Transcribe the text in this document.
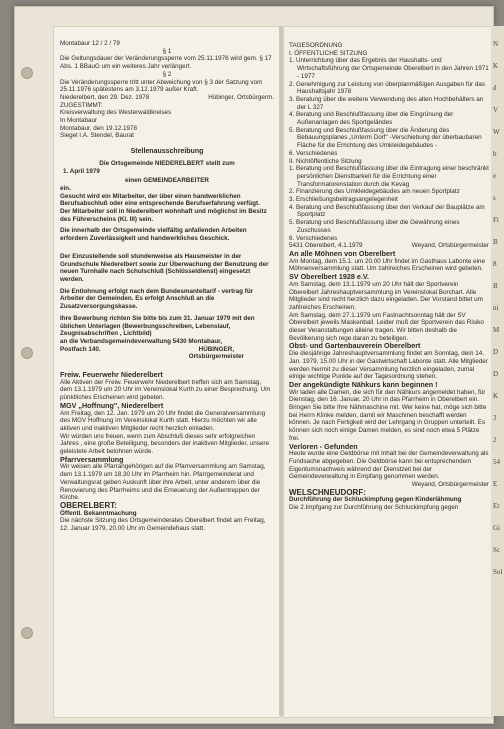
Montabaur 12 / 2 / 79

§ 1

Die Geltungsdauer der Veränderungssperre vom 25.11.1976 wird gem. § 17 Abs. 1 BBauG um ein weiteres Jahr verlängert.

§ 2

Die Veränderungssperre tritt unter Abweichung von § 3 der Satzung vom 25.11.1976 spätestens am 3.12.1979 außer Kraft.

Niederelbert, den 29. Dez. 1978	Hübinger, Ortsbürgerm.

ZUGESTIMMT:

Kreisverwaltung des Westerwaldkreises

In Montabaur

Montabaur, den 19.12.1978

Siegel I.A. Stendel, Baurat

Stellenausschreibung

Die Ortsgemeinde NIEDERELBERT stellt zum

1. April 1979

einen GEMEINDEARBEITER

ein.

Gesucht wird ein Mitarbeiter, der über einen handwerklichen Berufsabschluß oder eine entsprechende Berufserfahrung verfügt.

Der Mitarbeiter soll in Niederelbert wohnhaft und möglichst im Besitz des Führerscheins (Kl. III) sein.

Die innerhalb der Ortsgemeinde vielfältig anfallenden Arbeiten erfordern Zuverlässigkeit und handwerkliches Geschick.

Der Einzustellende soll stundenweise als Hausmeister in der Grundschule Niederelbert sowie zur Überwachung der Benutzung der neuen Turnhalle nach Schulschluß (Schlüsseldienst) eingesetzt werden.

Die Entlohnung erfolgt nach dem Bundesmanteltarif - vertrag für Arbeiter der Gemeinden. Es erfolgt Anschluß an die Zusatzversorgungskasse.

Ihre Bewerbung richten Sie bitte bis zum 31. Januar 1979 mit den üblichen Unterlagen (Bewerbungsschreiben, Lebenslauf, Zeugnisabschriften , Lichtbild)

an die Verbandsgemeindeverwaltung 5430 Montabaur,

Postfach 140.	HÜBINGER,

Ortsbürgermeister

Freiw. Feuerwehr Niederelbert

Alle Aktiven der Freiw. Feuerwehr Niederelbert treffen sich am Samstag, dem 13.1.1979 um 20 Uhr im Vereinslokal Kurth zu einer Besprechung. Um pünktliches Erscheinen wird gebeten.

MGV „Hoffnung", Niederelbert

Am Freitag, den 12. Jan. 1979 um 20 Uhr findet die Generalversammlung des MGV Hoffnung im Vereinslokal Kurth statt. Hierzu möchten wir alle aktiven und inaktiven Mitglieder recht herzlich einladen.
Wir würden uns freuen, wenn zum Abschluß dieses sehr erfolgreichen Jahres , eine große Beteiligung, besonders der inaktiven Mitglieder, unsere geleistete Arbeit belohnen würde.

Pfarrversammlung

Wir weisen alle Pfarrangehörigen auf die Pfarrversammlung am Samstag, dem 13.1.1979 um 18.30 Uhr im Pfarrheim hin. Pfarrgemeinderat und Verwaltungsrat geben Auskunft über ihre Arbeit, unter anderem über die Renovierung des Pfarrheims und die Erneuerung der Außentreppen der Kirche.

OBERELBERT:

Öffentl. Bekanntmachung

Die nächste Sitzung des Ortsgemeinderates Oberelbert findet am Freitag, 12. Januar 1979, 20.00 Uhr im Gemeindehaus statt.

TAGESORDNUNG

I. ÖFFENTLICHE SITZUNG

1. Unterrichtung über das Ergebnis der Haushalts- und Wirtschaftsführung der Ortsgemeinde Oberelbert in den Jahren 1971 - 1977

2. Genehmigung zur Leistung von überplanmäßigen Ausgaben für das Haushaltsjahr 1978

3. Beratung über die weitere Verwendung des alten Hochbehälters an der L 327

4. Beratung und Beschlußfassung über die Eingrünung der Außenanlagen des Sportgeländes

5. Beratung und Beschlußfassung über die Änderung des Bebauungsplanes „Unterm Dorf" -Verschiebung der überbaubaren Fläche für die Errichtung des Umkleidegebäudes -

6. Verschiedenes

II. Nichtöffentliche Sitzung

1. Beratung und Beschlußfassung über die Eintragung einer beschränkt persönlichen Dienstbarkeit für die Errichtung einer Transformatorenstation durch die Kevag

2. Finanzierung des Umkleidegebäudes am neuen Sportplatz

3. Erschließungsbeitragsangelegenheit

4. Beratung und Beschlußfassung über den Verkauf der Bauplätze am Sportplatz

5. Beratung und Beschlußfassung über die Gewährung eines Zuschusses

6. Verschiedenes

5431 Oberelbert, 4.1.1979	Weyand, Ortsbürgermeister

An alle Möhnen von Oberelbert

Am Montag, dem 15.1. um 20.00 Uhr findet im Gasthaus Labonte eine Möhnenversammlung statt. Um zahlreiches Erscheinen wird gebeten.

SV Oberelbert 1928 e.V.

Am Samstag, dem 13.1.1979 um 20 Uhr hält der Sportverein Oberelbert Jahreshauptversammlung im Vereinslokal Borchart. Alle Mitglieder sind recht herzlich dazu eingeladen. Der Vorstand bittet um zahlreiches Erscheinen.
Am Samstag, dem 27.1.1979 um Fastnachtsonntag hält der SV Oberelbert jeweils Maskenball. Leider muß der Sportverein das Risiko dieser Veranstaltungen alleine tragen. Wir bitten deshalb die Bevölkerung sich rege daran zu beteiligen.

Obst- und Gartenbauverein Oberelbert

Die diesjährige Jahreshauptversammlung findet am Sonntag, dem 14. Jan. 1979, 15.00 Uhr in der Gastwirtschaft Labonte statt. Alle Mitglieder werden hiermit zu dieser Versammlung herzlich eingeladen, zumal einige wichtige Punkte auf der Tagesordnung stehen.

Der angekündigte Nähkurs kann beginnen !

Wir laden alle Damen, die sich für den Nähkurs angemeldet haben, für Dienstag, den 16. Januar, 20 Uhr in das Pfarrheim in Oberelbert ein. Bringen Sie bitte Ihre Nähmaschine mit. Wer keine hat, möge sich bitte bei Herrn Klinke melden, damit wir Maschinen beschafft werden können. Je nach Fertigkeit wird der Lehrgang in Gruppen unterteilt. Es können sich noch einige Damen melden, es sind noch etwa 5 Plätze frei.

Verloren - Gefunden

Heute wurde eine Geldbörse mit Inhalt bei der Gemeindeverwaltung als Fundsache abgegeben. Die Geldbörse kann bei entsprechendem Eigentumsnachweis während der Dienstzeit bei der Gemeindeverwaltung in Empfang genommen werden.

Weyand, Ortsbürgermeister

WELSCHNEUDORF:

Durchführung der Schluckimpfung gegen Kinderlähmung

Die 2.Impfgang zur Durchführung der Schluckimpfung gegen

N
K
d
V
W
b
e
s
Fi
B
8
B
ni
M
D
D
K
3
2
54
E
Er
Gi
Sc
Sol
